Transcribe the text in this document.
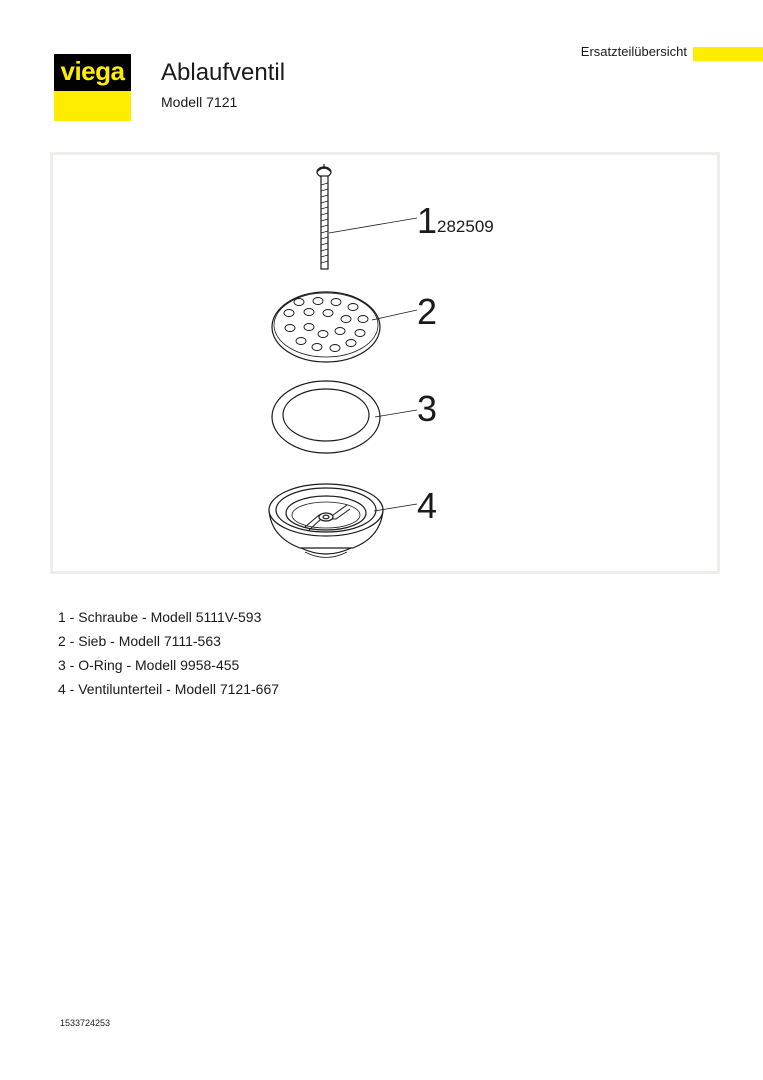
viega Ablaufventil
Modell 7121
Ersatzteilübersicht
1 282509
2
3
4
1 - Schraube - Modell 5111V-593
2 - Sieb - Modell 7111-563
3 - O-Ring - Modell 9958-455
4 - Ventilunterteil - Modell 7121-667
1533724253
